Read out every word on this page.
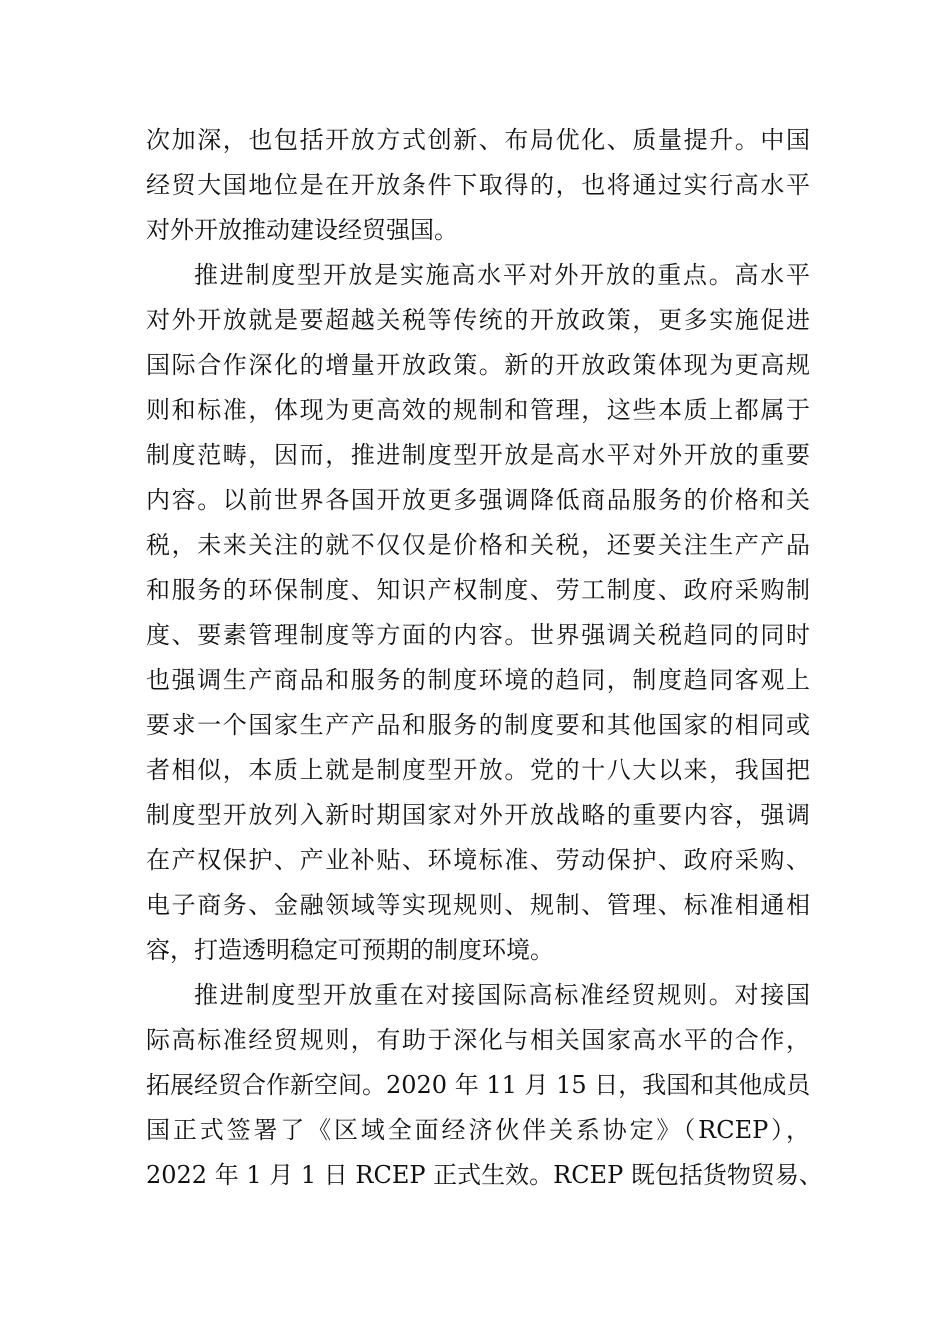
次加深，也包括开放方式创新、布局优化、质量提升。中国
经贸大国地位是在开放条件下取得的，也将通过实行高水平
对外开放推动建设经贸强国。
推进制度型开放是实施高水平对外开放的重点。高水平
对外开放就是要超越关税等传统的开放政策，更多实施促进
国际合作深化的增量开放政策。新的开放政策体现为更高规
则和标准，体现为更高效的规制和管理，这些本质上都属于
制度范畴，因而，推进制度型开放是高水平对外开放的重要
内容。以前世界各国开放更多强调降低商品服务的价格和关
税，未来关注的就不仅仅是价格和关税，还要关注生产产品
和服务的环保制度、知识产权制度、劳工制度、政府采购制
度、要素管理制度等方面的内容。世界强调关税趋同的同时
也强调生产商品和服务的制度环境的趋同，制度趋同客观上
要求一个国家生产产品和服务的制度要和其他国家的相同或
者相似，本质上就是制度型开放。党的十八大以来，我国把
制度型开放列入新时期国家对外开放战略的重要内容，强调
在产权保护、产业补贴、环境标准、劳动保护、政府采购、
电子商务、金融领域等实现规则、规制、管理、标准相通相
容，打造透明稳定可预期的制度环境。
推进制度型开放重在对接国际高标准经贸规则。对接国
际高标准经贸规则，有助于深化与相关国家高水平的合作，
拓展经贸合作新空间。2020 年 11 月 15 日，我国和其他成员
国正式签署了《区域全面经济伙伴关系协定》（RCEP），
2022 年 1 月 1 日 RCEP 正式生效。RCEP 既包括货物贸易、
